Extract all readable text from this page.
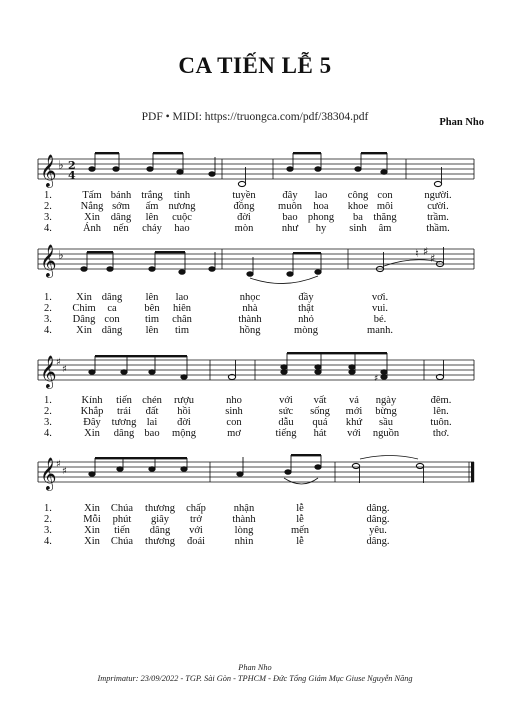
CA TIẾN LỄ 5
PDF • MIDI: https://truongca.com/pdf/38304.pdf	Phan Nho
𝄞 ♭ 2
4
𝄞 ♭	♮ ♯
♯
𝄞 ♯
♯
𝄞 ♯
♯
♯
1.	Tấm bánh trắng tinh	tuyền	đây lao công con	người.
2.	Nắng sớm ấm nương	đồng muôn hoa khoe môi	cười.
3.	Xin dâng lên cuộc	đời	bao phong ba thăng	trầm.
4.	Ánh nến cháy hao	mòn	như hy sinh âm	thầm.
1. Xin dâng lên lao	nhọc	đầy	vơi.
2. Chim ca	bên hiên	nhà	thật	vui.
3. Dâng con tim chân	thành	nhỏ	bé.
4. Xin dâng lên tim	hồng	mòng	manh.
1.	Kính tiến chén rượu	nho	với vất vả ngày	đêm.
2.	Khắp trái đất hồi	sinh	sức sống mới bừng	lên.
3.	Đây tương lai đời	con	dẫu quá khứ sầu	tuôn.
4.	Xin dâng bao mộng	mơ	tiếng hát với nguồn	thơ.
1.	Xin Chúa thương chấp	nhận	lễ	dâng.
2.	Mỗi phút giây trở	thành	lễ	dâng.
3.	Xin tiến dâng với	lòng	mến	yêu.
4.	Xin Chúa thương đoái	nhìn	lễ	dâng.
Phan Nho
Imprimatur: 23/09/2022 - TGP. Sài Gòn - TPHCM - Đức Tổng Giám Mục Giuse Nguyễn Năng
